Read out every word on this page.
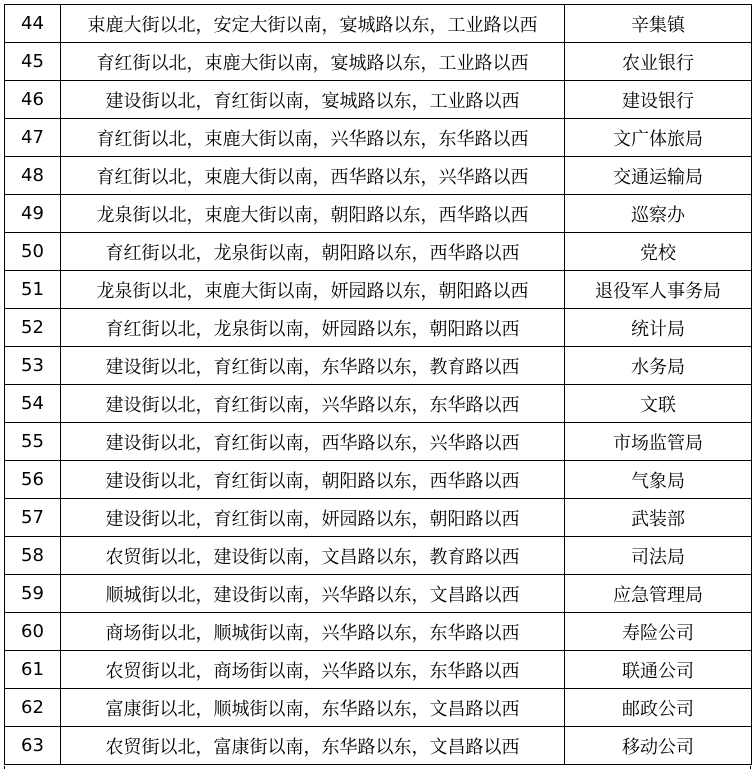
44	束鹿大街以北，安定大街以南，宴城路以东，工业路以西	辛集镇
45	育红街以北，束鹿大街以南，宴城路以东，工业路以西	农业银行
46	建设街以北，育红街以南，宴城路以东，工业路以西	建设银行
47	育红街以北，束鹿大街以南，兴华路以东，东华路以西	文广体旅局
48	育红街以北，束鹿大街以南，西华路以东，兴华路以西	交通运输局
49	龙泉街以北，束鹿大街以南，朝阳路以东，西华路以西	巡察办
50	育红街以北，龙泉街以南，朝阳路以东，西华路以西	党校
51	龙泉街以北，束鹿大街以南，妍园路以东，朝阳路以西	退役军人事务局
52	育红街以北，龙泉街以南，妍园路以东，朝阳路以西	统计局
53	建设街以北，育红街以南，东华路以东，教育路以西	水务局
54	建设街以北，育红街以南，兴华路以东，东华路以西	文联
55	建设街以北，育红街以南，西华路以东，兴华路以西	市场监管局
56	建设街以北，育红街以南，朝阳路以东，西华路以西	气象局
57	建设街以北，育红街以南，妍园路以东，朝阳路以西	武装部
58	农贸街以北，建设街以南，文昌路以东，教育路以西	司法局
59	顺城街以北，建设街以南，兴华路以东，文昌路以西	应急管理局
60	商场街以北，顺城街以南，兴华路以东，东华路以西	寿险公司
61	农贸街以北，商场街以南，兴华路以东，东华路以西	联通公司
62	富康街以北，顺城街以南，东华路以东，文昌路以西	邮政公司
63	农贸街以北，富康街以南，东华路以东，文昌路以西	移动公司
